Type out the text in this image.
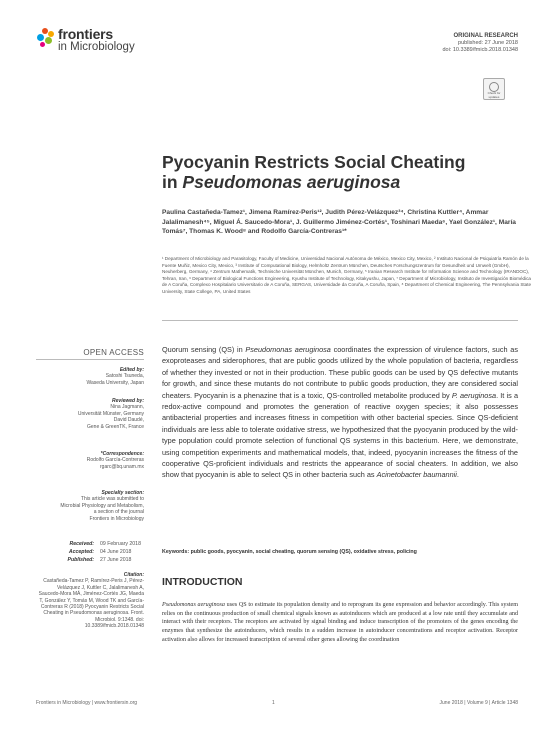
frontiers
in Microbiology
ORIGINAL RESEARCH
published: 27 June 2018
doi: 10.3389/fmicb.2018.01348
Check for updates
Pyocyanin Restricts Social Cheating
in Pseudomonas aeruginosa
Paulina Castañeda-Tamez¹, Jimena Ramírez-Peris¹², Judith Pérez-Velázquez³⁴, Christina Kuttler⁴, Ammar Jalalimanesh⁴⁵, Miguel Á. Saucedo-Mora¹, J. Guillermo Jiménez-Cortés¹, Toshinari Maeda⁶, Yael González¹, María Tomás⁷, Thomas K. Wood⁸ and Rodolfo García-Contreras¹*
¹ Department of Microbiology and Parasitology, Faculty of Medicine, Universidad Nacional Autónoma de México, Mexico City, Mexico, ² Instituto Nacional de Psiquiatría Ramón de la Fuente Muñiz, Mexico City, Mexico, ³ Institute of Computational Biology, Helmholtz Zentrum München, Deutsches Forschungszentrum für Gesundheit und Umwelt (GmbH), Neuherberg, Germany, ⁴ Zentrum Mathematik, Technische Universität München, Munich, Germany, ⁵ Iranian Research Institute for Information Science and Technology (IRANDOC), Tehran, Iran, ⁶ Department of Biological Functions Engineering, Kyushu Institute of Technology, Kitakyushu, Japan, ⁷ Department of Microbiology, Instituto de Investigación Biomédica de A Coruña, Complexo Hospitalario Universitario de A Coruña, SERGAS, Universidade da Coruña, A Coruña, Spain, ⁸ Department of Chemical Engineering, The Pennsylvania State University, State College, PA, United States
OPEN ACCESS
Edited by:
Satoshi Tsuneda,
Waseda University, Japan
Reviewed by:
Nina Jagmann,
Universität Münster, Germany
David Daudé,
Gene & GreenTK, France
*Correspondence:
Rodolfo García-Contreras
rgarc@bq.unam.mx
Specialty section:
This article was submitted to
Microbial Physiology and Metabolism,
a section of the journal
Frontiers in Microbiology
Received: 09 February 2018
Accepted: 04 June 2018
Published: 27 June 2018
Citation:
Castañeda-Tamez P, Ramírez-Peris J, Pérez-Velázquez J, Kuttler C, Jalalimanesh A, Saucedo-Mora MÁ, Jiménez-Cortés JG, Maeda T, González Y, Tomás M, Wood TK and García-Contreras R (2018) Pyocyanin Restricts Social Cheating in Pseudomonas aeruginosa. Front. Microbiol. 9:1348. doi: 10.3389/fmicb.2018.01348
Quorum sensing (QS) in Pseudomonas aeruginosa coordinates the expression of virulence factors, such as exoproteases and siderophores, that are public goods utilized by the whole population of bacteria, regardless of whether they invested or not in their production. These public goods can be used by QS defective mutants for growth, and since these mutants do not contribute to public goods production, they are considered social cheaters. Pyocyanin is a phenazine that is a toxic, QS-controlled metabolite produced by P. aeruginosa. It is a redox-active compound and promotes the generation of reactive oxygen species; it also possesses antibacterial properties and increases fitness in competition with other bacterial species. Since QS-deficient individuals are less able to tolerate oxidative stress, we hypothesized that the pyocyanin produced by the wild-type population could promote selection of functional QS systems in this bacterium. Here, we demonstrate, using competition experiments and mathematical models, that, indeed, pyocyanin increases the fitness of the cooperative QS-proficient individuals and restricts the appearance of social cheaters. In addition, we also show that pyocyanin is able to select QS in other bacteria such as Acinetobacter baumannii.
Keywords: public goods, pyocyanin, social cheating, quorum sensing (QS), oxidative stress, policing
INTRODUCTION
Pseudomonas aeruginosa uses QS to estimate its population density and to reprogram its gene expression and behavior accordingly. This system relies on the continuous production of small chemical signals known as autoinducers which are produced at a low rate until they accumulate and interact with their receptors. The receptors are activated by signal binding and induce transcription of the promoters of the genes encoding the enzymes that synthesize the autoinducers, which results in a sudden increase in autoinducer concentrations and receptor activation. Receptor activation also allows for increased transcription of several other genes allowing the coordination
Frontiers in Microbiology | www.frontiersin.org	1	June 2018 | Volume 9 | Article 1348
